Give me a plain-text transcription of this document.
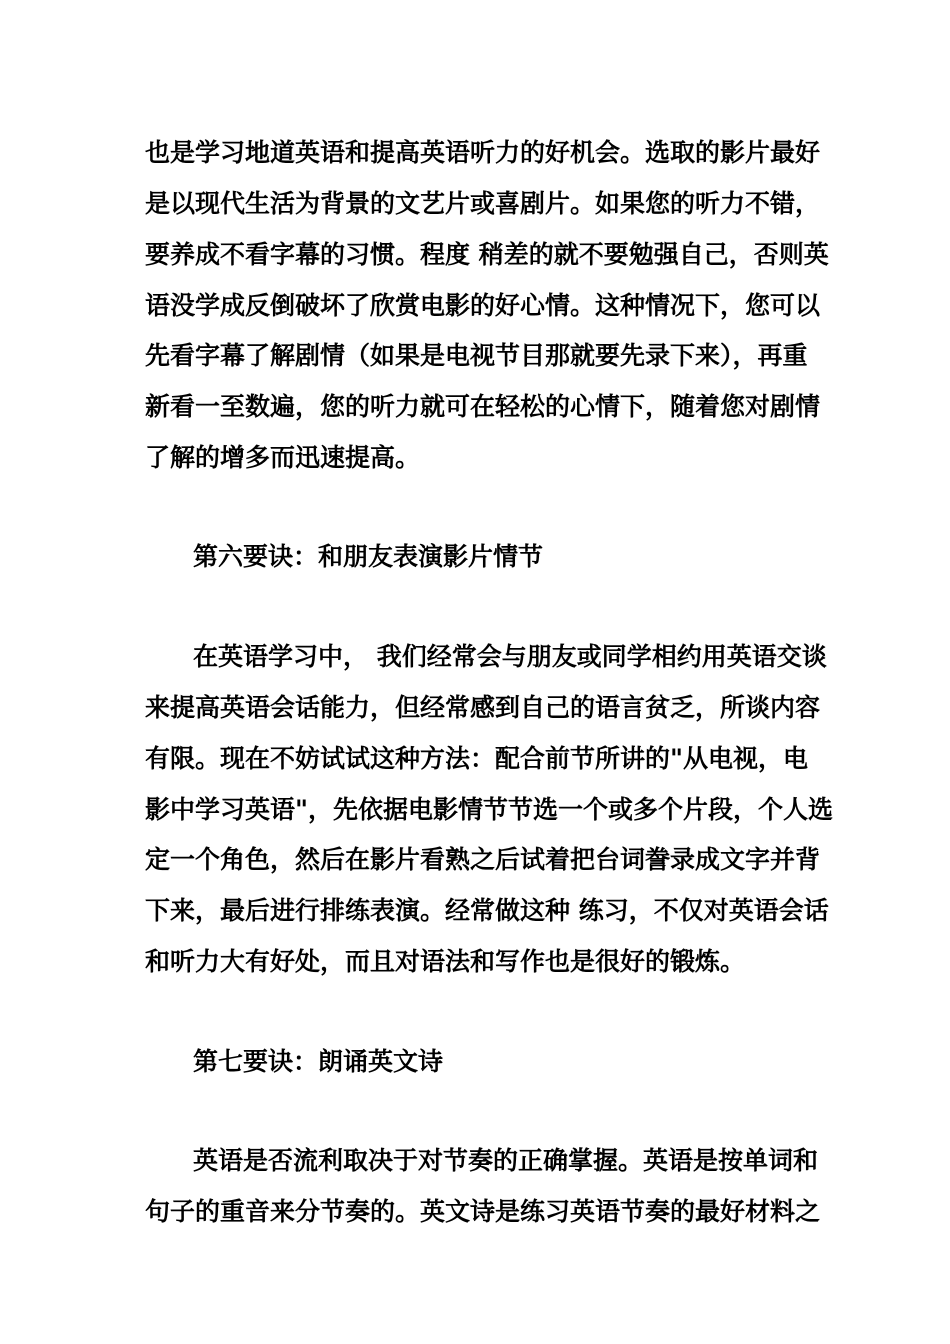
也是学习地道英语和提高英语听力的好机会。选取的影片最好
是以现代生活为背景的文艺片或喜剧片。如果您的听力不错，
要养成不看字幕的习惯。程度 稍差的就不要勉强自己，否则英
语没学成反倒破坏了欣赏电影的好心情。这种情况下，您可以
先看字幕了解剧情（如果是电视节目那就要先录下来），再重
新看一至数遍，您的听力就可在轻松的心情下，随着您对剧情
了解的增多而迅速提高。
第六要诀：和朋友表演影片情节
在英语学习中， 我们经常会与朋友或同学相约用英语交谈
来提高英语会话能力，但经常感到自己的语言贫乏，所谈内容
有限。现在不妨试试这种方法：配合前节所讲的"从电视，电
影中学习英语"，先依据电影情节节选一个或多个片段，个人选
定一个角色，然后在影片看熟之后试着把台词誊录成文字并背
下来，最后进行排练表演。经常做这种 练习，不仅对英语会话
和听力大有好处，而且对语法和写作也是很好的锻炼。
第七要诀：朗诵英文诗
英语是否流利取决于对节奏的正确掌握。英语是按单词和
句子的重音来分节奏的。英文诗是练习英语节奏的最好材料之
